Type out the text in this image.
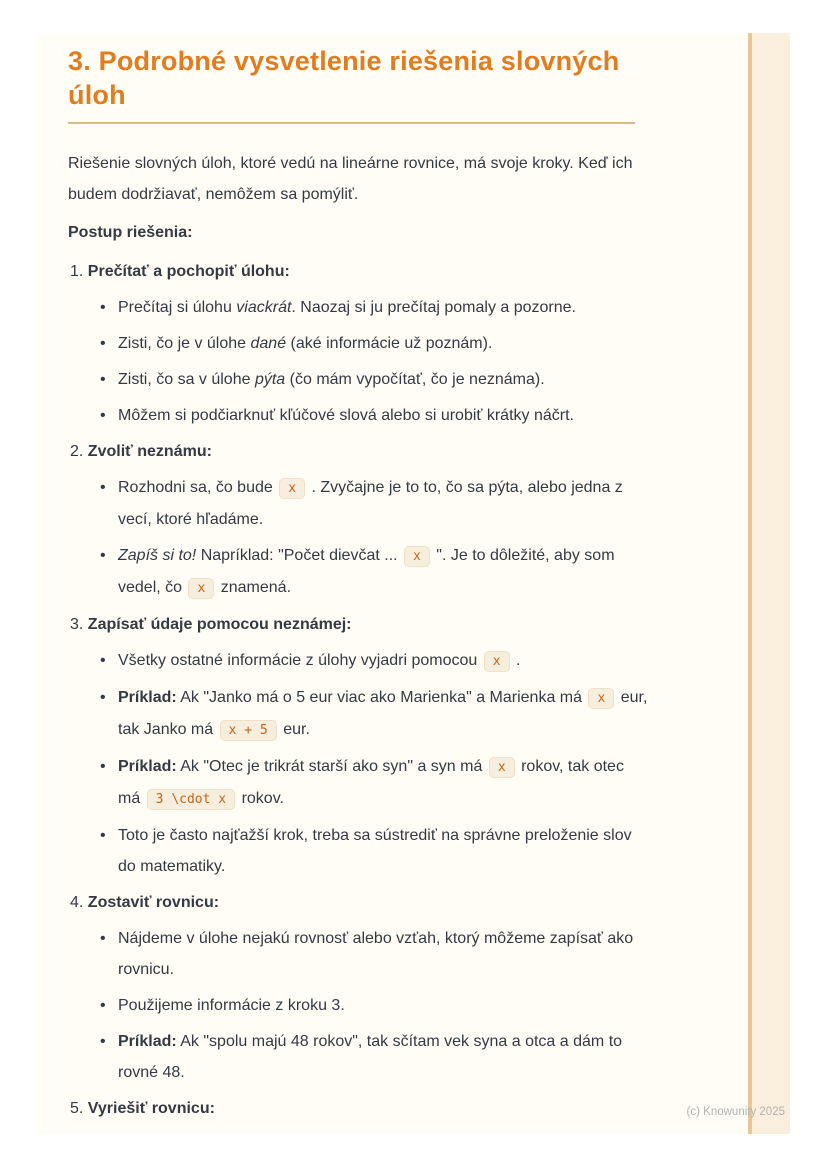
3. Podrobné vysvetlenie riešenia slovných úloh

Riešenie slovných úloh, ktoré vedú na lineárne rovnice, má svoje kroky. Keď ich budem dodržiavať, nemôžem sa pomýliť.

Postup riešenia:

1. Prečítať a pochopiť úlohu:
• Prečítaj si úlohu viackrát. Naozaj si ju prečítaj pomaly a pozorne.
• Zisti, čo je v úlohe dané (aké informácie už poznám).
• Zisti, čo sa v úlohe pýta (čo mám vypočítať, čo je neznáma).
• Môžem si podčiarknuť kľúčové slová alebo si urobiť krátky náčrt.
2. Zvoliť neznámu:
• Rozhodni sa, čo bude x . Zvyčajne je to to, čo sa pýta, alebo jedna z vecí, ktoré hľadáme.
• Zapíš si to! Napríklad: "Počet dievčat ... x ". Je to dôležité, aby som vedel, čo x znamená.
3. Zapísať údaje pomocou neznámej:
• Všetky ostatné informácie z úlohy vyjadri pomocou x .
• Príklad: Ak "Janko má o 5 eur viac ako Marienka" a Marienka má x eur, tak Janko má x + 5 eur.
• Príklad: Ak "Otec je trikrát starší ako syn" a syn má x rokov, tak otec má 3 \cdot x rokov.
• Toto je často najťažší krok, treba sa sústrediť na správne preloženie slov do matematiky.
4. Zostaviť rovnicu:
• Nájdeme v úlohe nejakú rovnosť alebo vzťah, ktorý môžeme zapísať ako rovnicu.
• Použijeme informácie z kroku 3.
• Príklad: Ak "spolu majú 48 rokov", tak sčítam vek syna a otca a dám to rovné 48.
5. Vyriešiť rovnicu:	(c) Knowunity 2025
